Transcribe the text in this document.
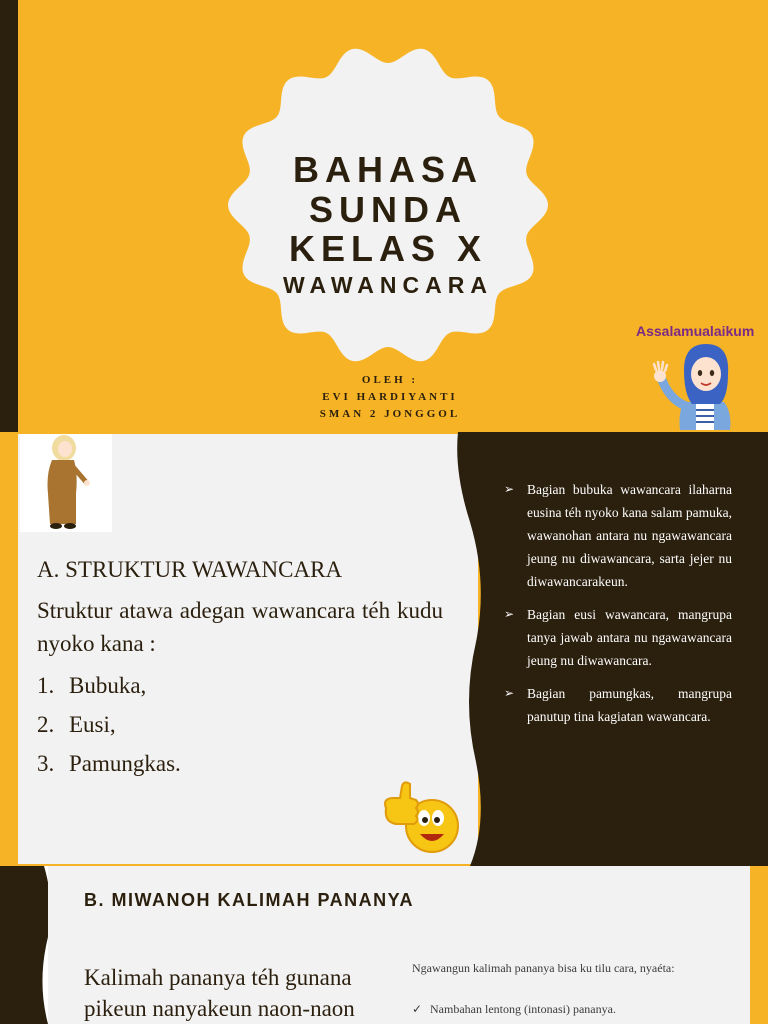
BAHASA SUNDA
KELAS X
WAWANCARA
OLEH :
EVI HARDIYANTI
SMAN 2 JONGGOL
Assalamualaikum
A. STRUKTUR WAWANCARA
Struktur atawa adegan wawancara téh kudu nyoko kana :
1. Bubuka,
2. Eusi,
3. Pamungkas.
➢ Bagian bubuka wawancara ilaharna eusina téh nyoko kana salam pamuka, wawanohan antara nu ngawawancara jeung nu diwawancara, sarta jejer nu diwawancarakeun.
➢ Bagian eusi wawancara, mangrupa tanya jawab antara nu ngawawancara jeung nu diwawancara.
➢ Bagian pamungkas, mangrupa panutup tina kagiatan wawancara.
B. MIWANOH KALIMAH PANANYA
Kalimah pananya téh gunana pikeun nanyakeun naon-naon
Ngawangun kalimah pananya bisa ku tilu cara, nyaéta:
✓ Nambahan lentong (intonasi) pananya.
